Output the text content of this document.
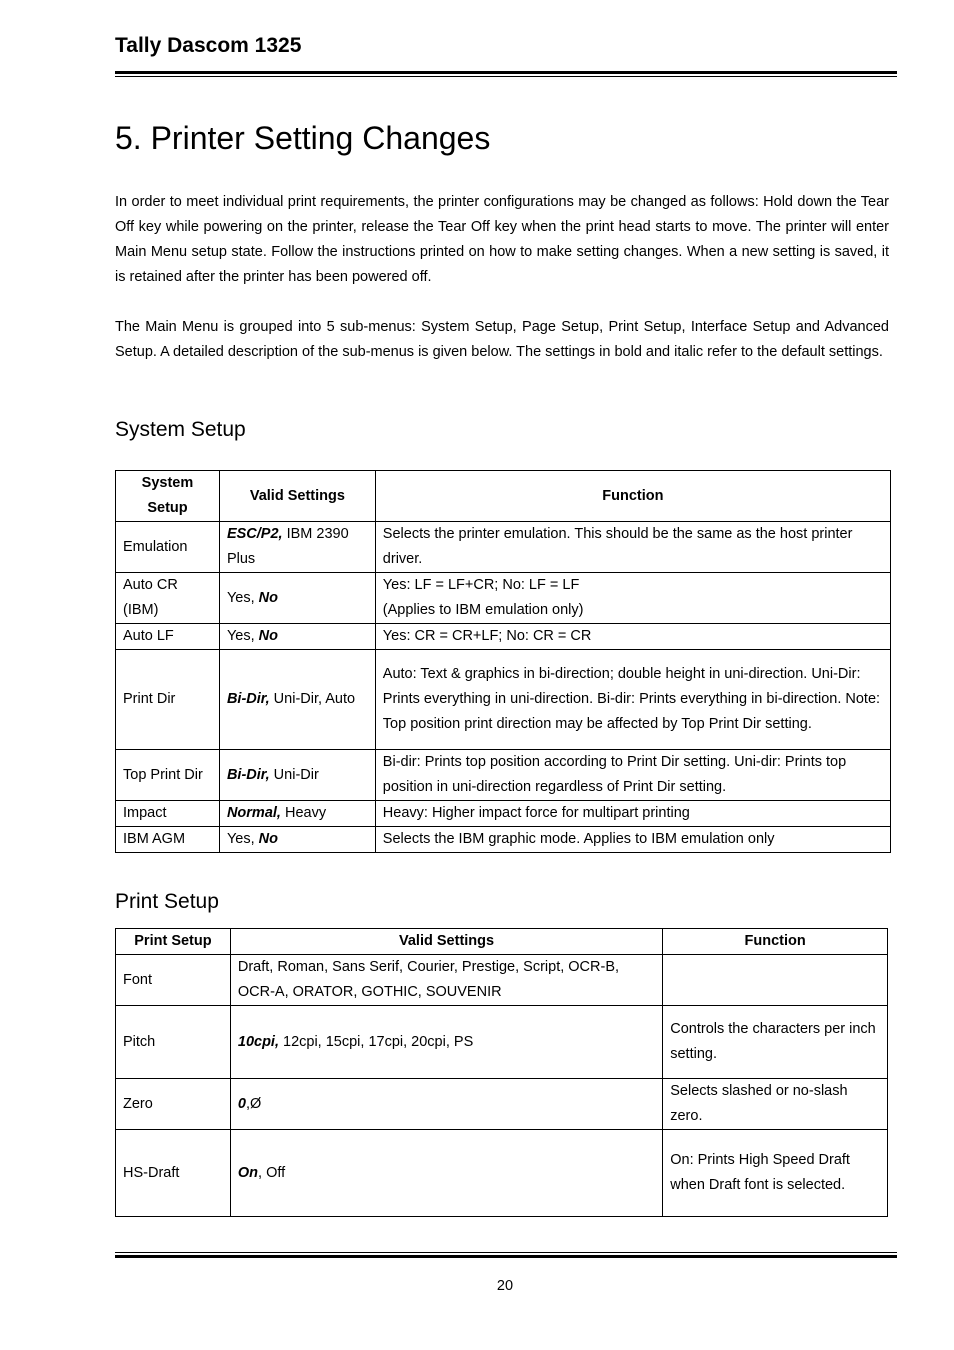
Tally Dascom 1325
5. Printer Setting Changes

In order to meet individual print requirements, the printer configurations may be changed as follows: Hold down the Tear Off key while powering on the printer, release the Tear Off key when the print head starts to move. The printer will enter Main Menu setup state. Follow the instructions printed on how to make setting changes. When a new setting is saved, it is retained after the printer has been powered off.

The Main Menu is grouped into 5 sub-menus: System Setup, Page Setup, Print Setup, Interface Setup and Advanced Setup. A detailed description of the sub-menus is given below. The settings in bold and italic refer to the default settings.

System Setup
System Setup	Valid Settings	Function
Emulation	ESC/P2, IBM 2390 Plus	Selects the printer emulation. This should be the same as the host printer driver.
Auto CR (IBM)	Yes, No	Yes: LF = LF+CR; No: LF = LF
(Applies to IBM emulation only)

Auto LF	Yes, No	Yes: CR = CR+LF; No: CR = CR
Print Dir	Bi-Dir, Uni-Dir, Auto	Auto: Text & graphics in bi-direction; double height in uni-direction. Uni-Dir: Prints everything in uni-direction. Bi-dir: Prints everything in bi-direction. Note: Top position print direction may be affected by Top Print Dir setting.
Top Print Dir	Bi-Dir, Uni-Dir	Bi-dir: Prints top position according to Print Dir setting. Uni-dir: Prints top position in uni-direction regardless of Print Dir setting.
Impact	Normal, Heavy	Heavy: Higher impact force for multipart printing
IBM AGM	Yes, No	Selects the IBM graphic mode. Applies to IBM emulation only
Print Setup
Print Setup	Valid Settings	Function
Font	Draft, Roman, Sans Serif, Courier, Prestige, Script, OCR-B, OCR-A, ORATOR, GOTHIC, SOUVENIR	
Pitch	10cpi, 12cpi, 15cpi, 17cpi, 20cpi, PS	Controls the characters per inch setting.
Zero	0,Ø	Selects slashed or no-slash zero.
HS-Draft	On, Off	On: Prints High Speed Draft when Draft font is selected.
20
